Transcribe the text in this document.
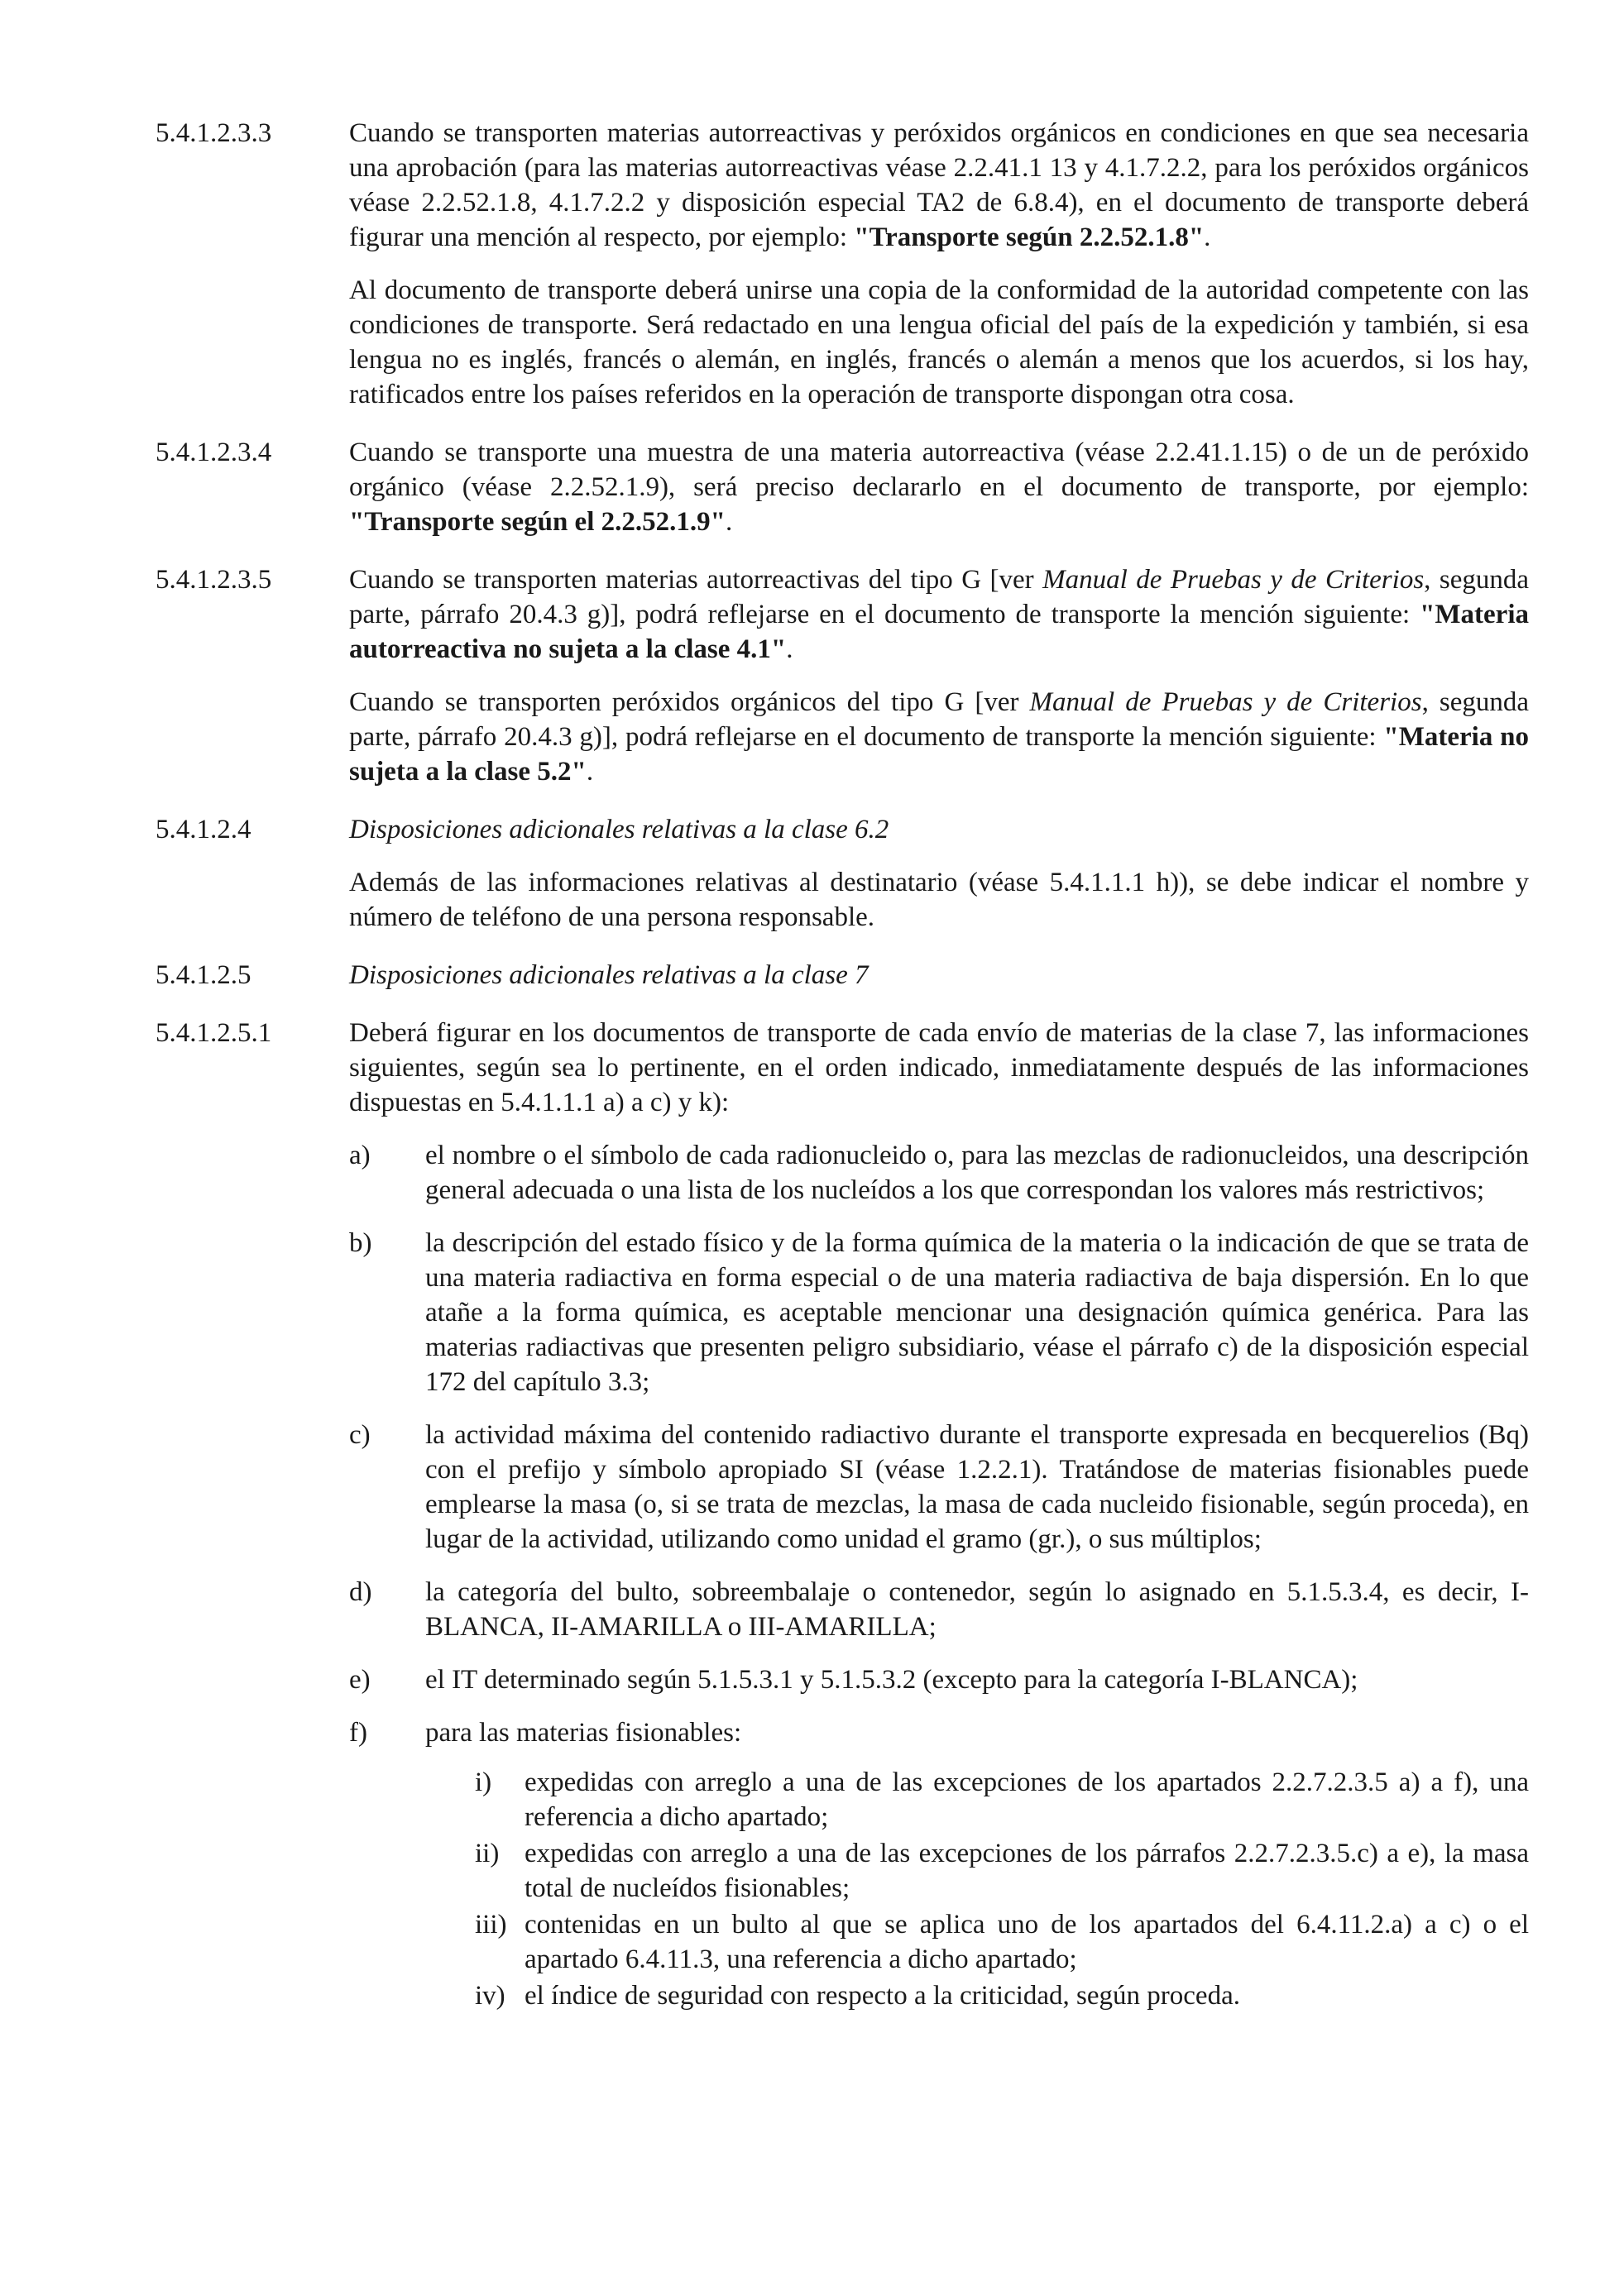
5.4.1.2.3.3	Cuando se transporten materias autorreactivas y peróxidos orgánicos en condiciones en que sea necesaria una aprobación (para las materias autorreactivas véase 2.2.41.1 13 y 4.1.7.2.2, para los peróxidos orgánicos véase 2.2.52.1.8, 4.1.7.2.2 y disposición especial TA2 de 6.8.4), en el documento de transporte deberá figurar una mención al respecto, por ejemplo: "Transporte según 2.2.52.1.8".

Al documento de transporte deberá unirse una copia de la conformidad de la autoridad competente con las condiciones de transporte. Será redactado en una lengua oficial del país de la expedición y también, si esa lengua no es inglés, francés o alemán, en inglés, francés o alemán a menos que los acuerdos, si los hay, ratificados entre los países referidos en la operación de transporte dispongan otra cosa.

5.4.1.2.3.4	Cuando se transporte una muestra de una materia autorreactiva (véase 2.2.41.1.15) o de un de peróxido orgánico (véase 2.2.52.1.9), será preciso declararlo en el documento de transporte, por ejemplo: "Transporte según el 2.2.52.1.9".

5.4.1.2.3.5	Cuando se transporten materias autorreactivas del tipo G [ver Manual de Pruebas y de Criterios, segunda parte, párrafo 20.4.3 g)], podrá reflejarse en el documento de transporte la mención siguiente: "Materia autorreactiva no sujeta a la clase 4.1".

Cuando se transporten peróxidos orgánicos del tipo G [ver Manual de Pruebas y de Criterios, segunda parte, párrafo 20.4.3 g)], podrá reflejarse en el documento de transporte la mención siguiente: "Materia no sujeta a la clase 5.2".

5.4.1.2.4	Disposiciones adicionales relativas a la clase 6.2

Además de las informaciones relativas al destinatario (véase 5.4.1.1.1 h)), se debe indicar el nombre y número de teléfono de una persona responsable.

5.4.1.2.5	Disposiciones adicionales relativas a la clase 7

5.4.1.2.5.1	Deberá figurar en los documentos de transporte de cada envío de materias de la clase 7, las informaciones siguientes, según sea lo pertinente, en el orden indicado, inmediatamente después de las informaciones dispuestas en 5.4.1.1.1 a) a c) y k):

a) el nombre o el símbolo de cada radionucleido o, para las mezclas de radionucleidos, una descripción general adecuada o una lista de los nucleídos a los que correspondan los valores más restrictivos;
b) la descripción del estado físico y de la forma química de la materia o la indicación de que se trata de una materia radiactiva en forma especial o de una materia radiactiva de baja dispersión. En lo que atañe a la forma química, es aceptable mencionar una designación química genérica. Para las materias radiactivas que presenten peligro subsidiario, véase el párrafo c) de la disposición especial 172 del capítulo 3.3;
c) la actividad máxima del contenido radiactivo durante el transporte expresada en becquerelios (Bq) con el prefijo y símbolo apropiado SI (véase 1.2.2.1). Tratándose de materias fisionables puede emplearse la masa (o, si se trata de mezclas, la masa de cada nucleido fisionable, según proceda), en lugar de la actividad, utilizando como unidad el gramo (gr.), o sus múltiplos;
d) la categoría del bulto, sobreembalaje o contenedor, según lo asignado en 5.1.5.3.4, es decir, I-BLANCA, II-AMARILLA o III-AMARILLA;
e) el IT determinado según 5.1.5.3.1 y 5.1.5.3.2 (excepto para la categoría I-BLANCA);
f) para las materias fisionables:
i) expedidas con arreglo a una de las excepciones de los apartados 2.2.7.2.3.5 a) a f), una referencia a dicho apartado;
ii) expedidas con arreglo a una de las excepciones de los párrafos 2.2.7.2.3.5.c) a e), la masa total de nucleídos fisionables;
iii) contenidas en un bulto al que se aplica uno de los apartados del 6.4.11.2.a) a c) o el apartado 6.4.11.3, una referencia a dicho apartado;
iv) el índice de seguridad con respecto a la criticidad, según proceda.
